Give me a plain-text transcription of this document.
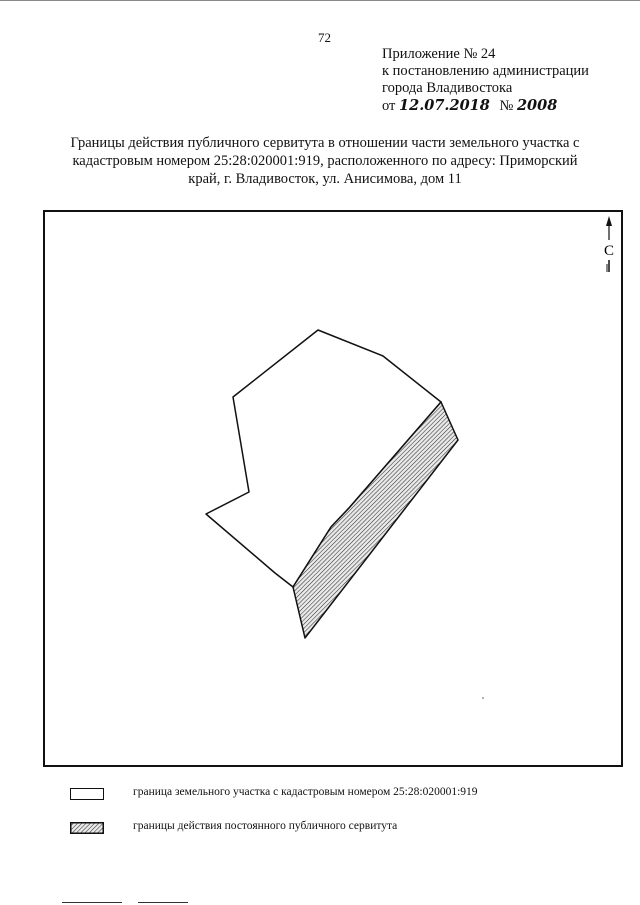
72
Приложение № 24
к постановлению администрации
города Владивостока
от 12.07.2018 № 2008
Границы действия публичного сервитута в отношении части земельного участка с
кадастровым номером 25:28:020001:919, расположенного по адресу: Приморский
край, г. Владивосток, ул. Анисимова, дом 11
С
граница земельного участка с кадастровым номером 25:28:020001:919
границы действия постоянного публичного сервитута
